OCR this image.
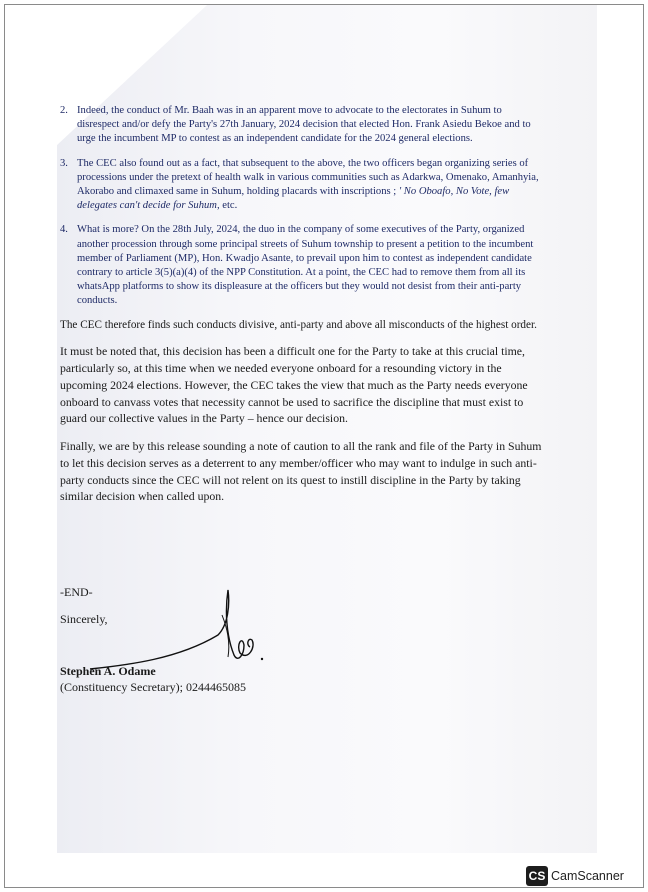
2. Indeed, the conduct of Mr. Baah was in an apparent move to advocate to the electorates in Suhum to disrespect and/or defy the Party's 27th January, 2024 decision that elected Hon. Frank Asiedu Bekoe and to urge the incumbent MP to contest as an independent candidate for the 2024 general elections.
3. The CEC also found out as a fact, that subsequent to the above, the two officers began organizing series of processions under the pretext of health walk in various communities such as Adarkwa, Omenako, Amanhyia, Akorabo and climaxed same in Suhum, holding placards with inscriptions ; ' No Oboafo, No Vote, few delegates can't decide for Suhum, etc.
4. What is more? On the 28th July, 2024, the duo in the company of some executives of the Party, organized another procession through some principal streets of Suhum township to present a petition to the incumbent member of Parliament (MP), Hon. Kwadjo Asante, to prevail upon him to contest as independent candidate contrary to article 3(5)(a)(4) of the NPP Constitution. At a point, the CEC had to remove them from all its whatsApp platforms to show its displeasure at the officers but they would not desist from their anti-party conducts.

The CEC therefore finds such conducts divisive, anti-party and above all misconducts of the highest order.

It must be noted that, this decision has been a difficult one for the Party to take at this crucial time, particularly so, at this time when we needed everyone onboard for a resounding victory in the upcoming 2024 elections. However, the CEC takes the view that much as the Party needs everyone onboard to canvass votes that necessity cannot be used to sacrifice the discipline that must exist to guard our collective values in the Party – hence our decision.

Finally, we are by this release sounding a note of caution to all the rank and file of the Party in Suhum to let this decision serves as a deterrent to any member/officer who may want to indulge in such anti-party conducts since the CEC will not relent on its quest to instill discipline in the Party by taking similar decision when called upon.

-END-
Sincerely,
Stephen A. Odame
(Constituency Secretary); 0244465085
CS CamScanner
